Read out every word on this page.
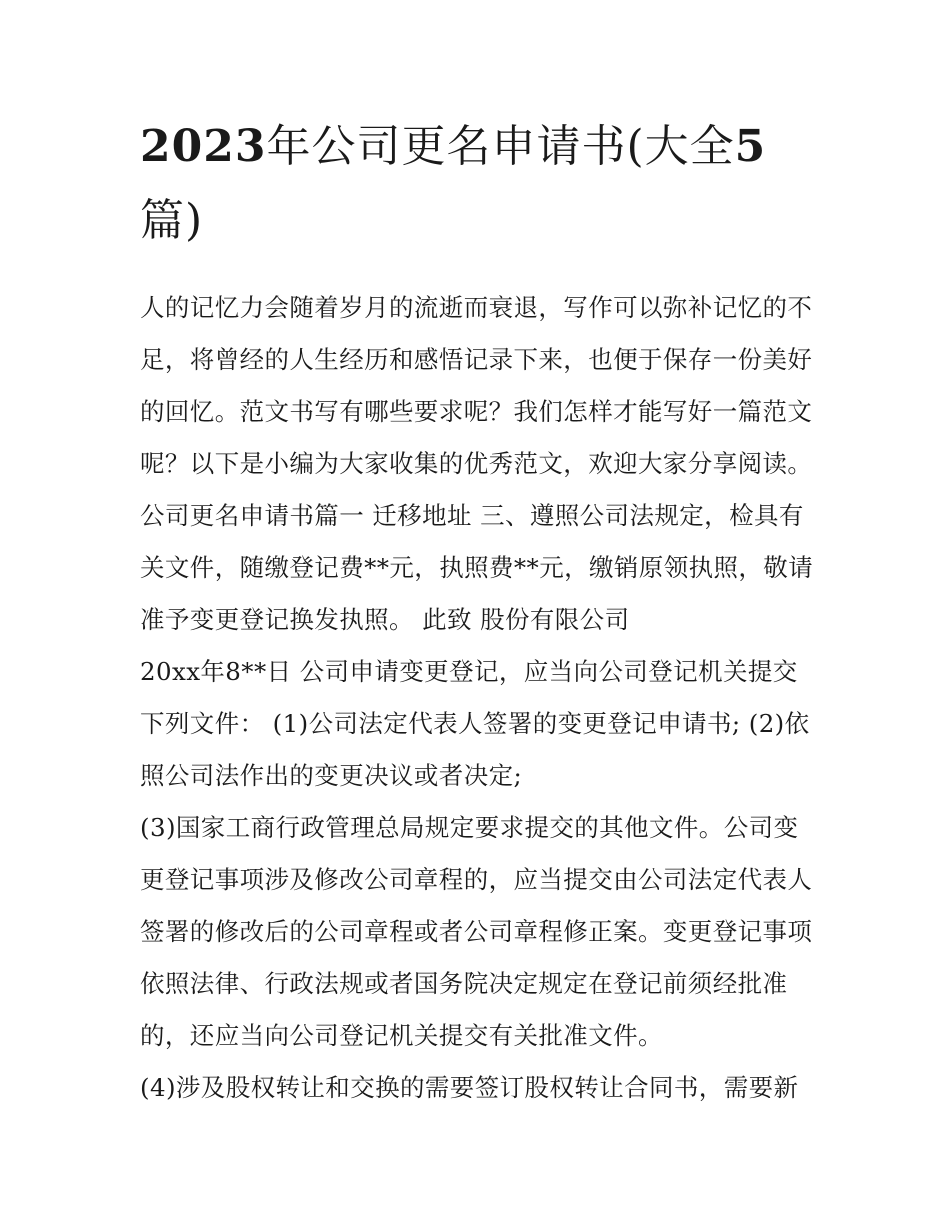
2023年公司更名申请书(大全5
篇)

人的记忆力会随着岁月的流逝而衰退，写作可以弥补记忆的不足，将曾经的人生经历和感悟记录下来，也便于保存一份美好的回忆。范文书写有哪些要求呢？我们怎样才能写好一篇范文呢？以下是小编为大家收集的优秀范文，欢迎大家分享阅读。

公司更名申请书篇一 迁移地址 三、遵照公司法规定，检具有关文件，随缴登记费**元，执照费**元，缴销原领执照，敬请准予变更登记换发执照。 此致 股份有限公司

20xx年8**日 公司申请变更登记，应当向公司登记机关提交下列文件： (1)公司法定代表人签署的变更登记申请书; (2)依照公司法作出的变更决议或者决定;

(3)国家工商行政管理总局规定要求提交的其他文件。公司变更登记事项涉及修改公司章程的，应当提交由公司法定代表人签署的修改后的公司章程或者公司章程修正案。变更登记事项依照法律、行政法规或者国务院决定规定在登记前须经批准的，还应当向公司登记机关提交有关批准文件。

(4)涉及股权转让和交换的需要签订股权转让合同书，需要新
